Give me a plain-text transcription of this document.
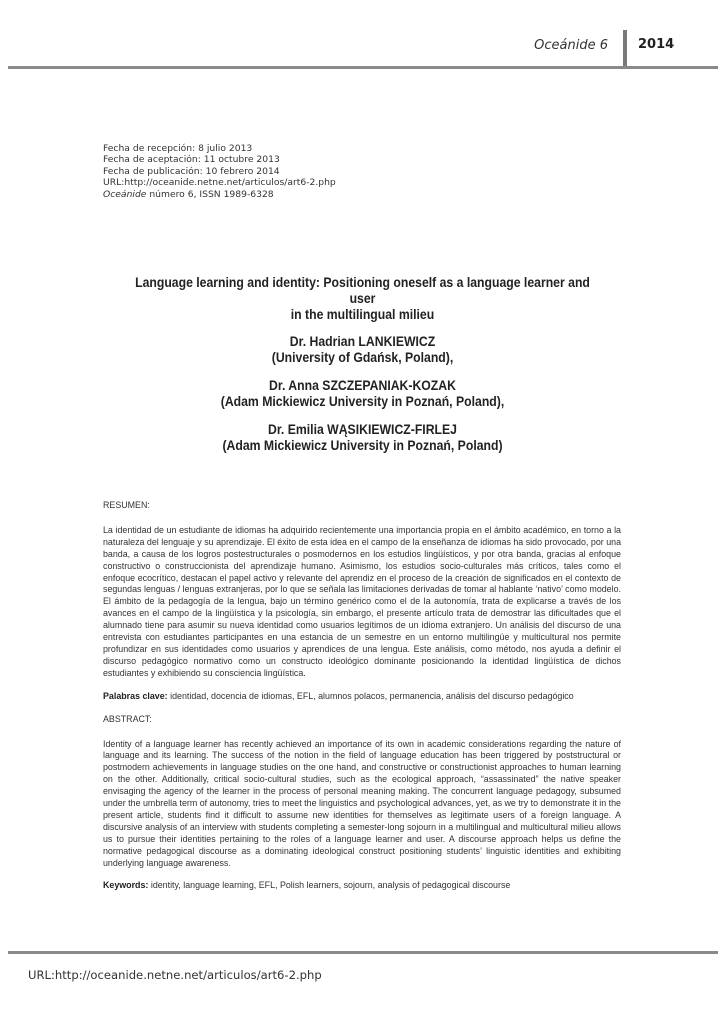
Oceánide 6 2014
Fecha de recepción: 8 julio 2013
Fecha de aceptación: 11 octubre 2013
Fecha de publicación: 10 febrero 2014
URL:http://oceanide.netne.net/articulos/art6-2.php
Oceánide número 6, ISSN 1989-6328
Language learning and identity: Positioning oneself as a language learner and user
in the multilingual milieu
Dr. Hadrian LANKIEWICZ
(University of Gdańsk, Poland),
Dr. Anna SZCZEPANIAK-KOZAK
(Adam Mickiewicz University in Poznań, Poland),
Dr. Emilia WĄSIKIEWICZ-FIRLEJ
(Adam Mickiewicz University in Poznań, Poland)

RESUMEN:

La identidad de un estudiante de idiomas ha adquirido recientemente una importancia propia en el ámbito académico, en torno a la naturaleza del lenguaje y su aprendizaje. El éxito de esta idea en el campo de la enseñanza de idiomas ha sido provocado, por una banda, a causa de los logros postestructurales o posmodernos en los estudios lingüísticos, y por otra banda, gracias al enfoque constructivo o construccionista del aprendizaje humano. Asimismo, los estudios socio-culturales más críticos, tales como el enfoque ecocrítico, destacan el papel activo y relevante del aprendiz en el proceso de la creación de significados en el contexto de segundas lenguas / lenguas extranjeras, por lo que se señala las limitaciones derivadas de tomar al hablante ‘nativo’ como modelo. El ámbito de la pedagogía de la lengua, bajo un término genérico como el de la autonomía, trata de explicarse a través de los avances en el campo de la lingüística y la psicología, sin embargo, el presente artículo trata de demostrar las dificultades que el alumnado tiene para asumir su nueva identidad como usuarios legítimos de un idioma extranjero. Un análisis del discurso de una entrevista con estudiantes participantes en una estancia de un semestre en un entorno multilingüe y multicultural nos permite profundizar en sus identidades como usuarios y aprendices de una lengua. Este análisis, como método, nos ayuda a definir el discurso pedagógico normativo como un constructo ideológico dominante posicionando la identidad lingüística de dichos estudiantes y exhibiendo su consciencia lingüística.

Palabras clave: identidad, docencia de idiomas, EFL, alumnos polacos, permanencia, análisis del discurso pedagógico

ABSTRACT:

Identity of a language learner has recently achieved an importance of its own in academic considerations regarding the nature of language and its learning. The success of the notion in the field of language education has been triggered by poststructural or postmodern achievements in language studies on the one hand, and constructive or constructionist approaches to human learning on the other. Additionally, critical socio-cultural studies, such as the ecological approach, “assassinated” the native speaker envisaging the agency of the learner in the process of personal meaning making. The concurrent language pedagogy, subsumed under the umbrella term of autonomy, tries to meet the linguistics and psychological advances, yet, as we try to demonstrate it in the present article, students find it difficult to assume new identities for themselves as legitimate users of a foreign language. A discursive analysis of an interview with students completing a semester-long sojourn in a multilingual and multicultural milieu allows us to pursue their identities pertaining to the roles of a language learner and user. A discourse approach helps us define the normative pedagogical discourse as a dominating ideological construct positioning students’ linguistic identities and exhibiting underlying language awareness.

Keywords: identity, language learning, EFL, Polish learners, sojourn, analysis of pedagogical discourse

URL:http://oceanide.netne.net/articulos/art6-2.php
